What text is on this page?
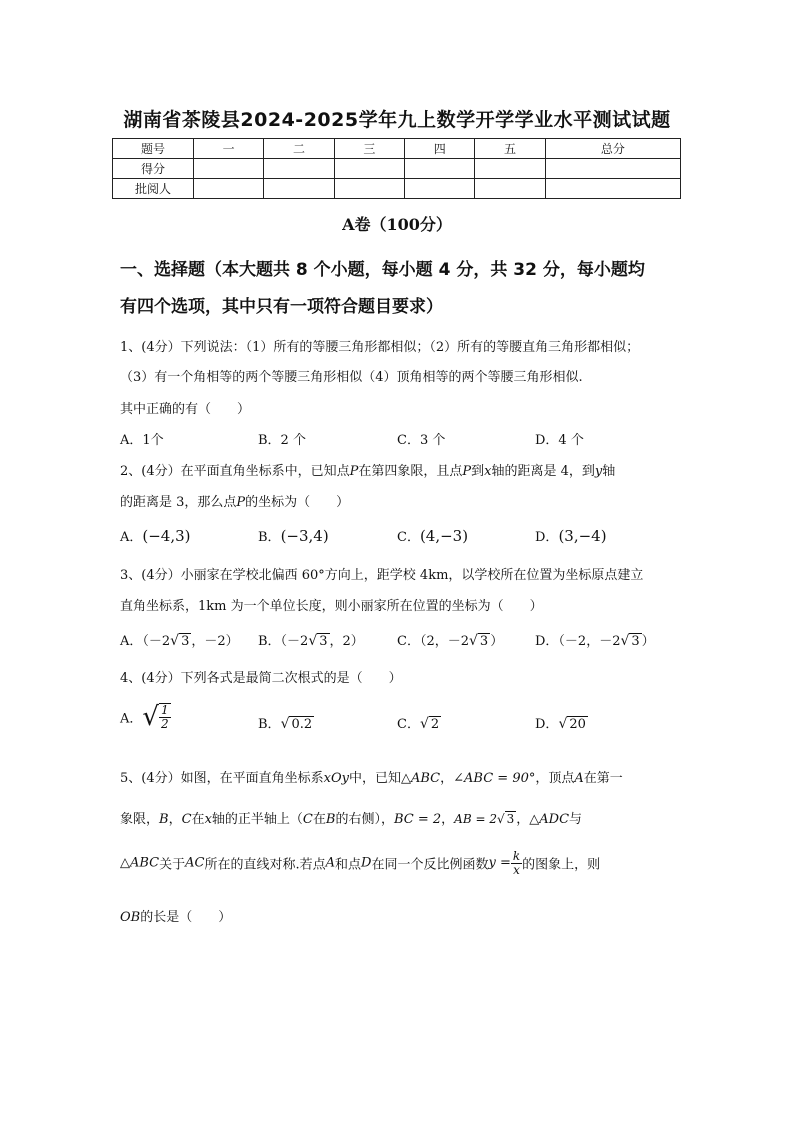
湖南省茶陵县2024-2025学年九上数学开学学业水平测试试题
题号	一	二	三	四	五	总分
得分						
批阅人						
A卷（100分）
一、选择题（本大题共 8 个小题，每小题 4 分，共 32 分，每小题均
有四个选项，其中只有一项符合题目要求）
1、(4分）下列说法：（1）所有的等腰三角形都相似；（2）所有的等腰直角三角形都相似；
（3）有一个角相等的两个等腰三角形相似（4）顶角相等的两个等腰三角形相似.
其中正确的有（　　）
A．1个	B．2 个	C．3 个	D．4 个
2、(4分）在平面直角坐标系中，已知点P在第四象限，且点P到x轴的距离是 4，到y轴
的距离是 3，那么点P的坐标为（　　）
A．(−4,3)	B．(−3,4)	C．(4,−3)	D．(3,−4)
3、(4分）小丽家在学校北偏西 60°方向上，距学校 4km，以学校所在位置为坐标原点建立
直角坐标系，1km 为一个单位长度，则小丽家所在位置的坐标为（　　）
A．（－2√ 3 ，－2） B．（－2√ 3 ，2）	C．（2，－2√ 3 ） D．（－2，－2√ 3 ）
4、(4分）下列各式是最简二次根式的是（　　）
A．√ $\frac{1}{2}$	B．√ 0.2	C．√ 2	D．√ 20
5、(4分）如图，在平面直角坐标系xOy中，已知△ABC，∠ABC = 90°，顶点A在第一
象限，B，C在x轴的正半轴上（C在B的右侧），BC = 2，AB = 2√ 3 ，△ADC与
△ABC关于AC所在的直线对称.若点A和点D在同一个反比例函数$y = \frac{k}{x}$ 的图象上，则
OB的长是（　　）
